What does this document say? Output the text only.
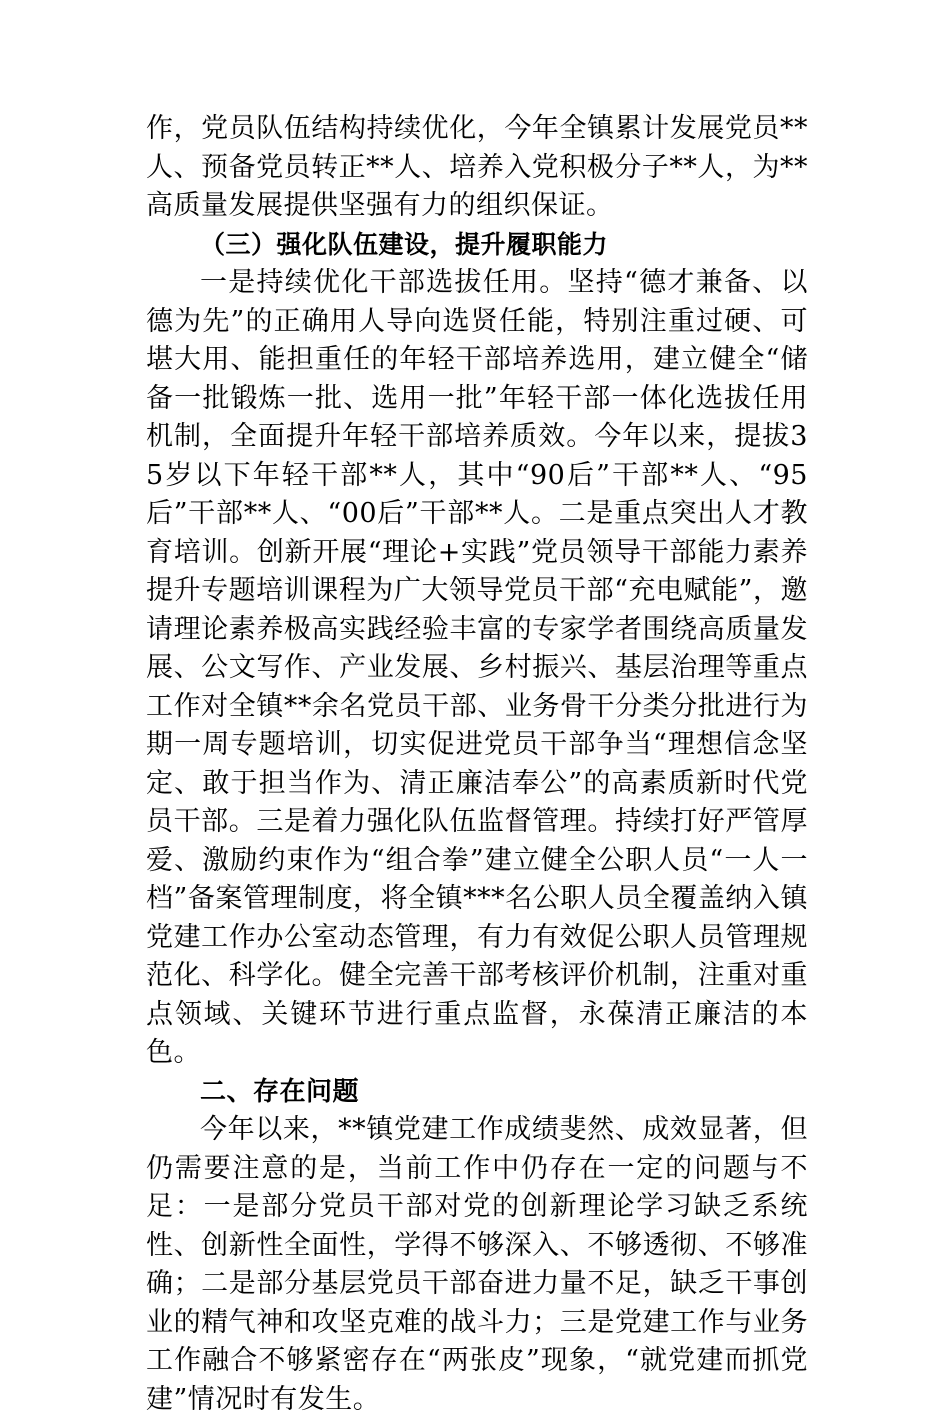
作，党员队伍结构持续优化，今年全镇累计发展党员**人、预备党员转正**人、培养入党积极分子**人，为**高质量发展提供坚强有力的组织保证。

（三）强化队伍建设，提升履职能力

一是持续优化干部选拔任用。坚持“德才兼备、以德为先”的正确用人导向选贤任能，特别注重过硬、可堪大用、能担重任的年轻干部培养选用，建立健全“储备一批锻炼一批、选用一批”年轻干部一体化选拔任用机制，全面提升年轻干部培养质效。今年以来，提拔35岁以下年轻干部**人，其中“90后”干部**人、“95后”干部**人、“00后”干部**人。二是重点突出人才教育培训。创新开展“理论+实践”党员领导干部能力素养提升专题培训课程为广大领导党员干部“充电赋能”，邀请理论素养极高实践经验丰富的专家学者围绕高质量发展、公文写作、产业发展、乡村振兴、基层治理等重点工作对全镇**余名党员干部、业务骨干分类分批进行为期一周专题培训，切实促进党员干部争当“理想信念坚定、敢于担当作为、清正廉洁奉公”的高素质新时代党员干部。三是着力强化队伍监督管理。持续打好严管厚爱、激励约束作为“组合拳”建立健全公职人员“一人一档”备案管理制度，将全镇***名公职人员全覆盖纳入镇党建工作办公室动态管理，有力有效促公职人员管理规范化、科学化。健全完善干部考核评价机制，注重对重点领域、关键环节进行重点监督，永葆清正廉洁的本色。

二、存在问题

今年以来，**镇党建工作成绩斐然、成效显著，但仍需要注意的是，当前工作中仍存在一定的问题与不足：一是部分党员干部对党的创新理论学习缺乏系统性、创新性全面性，学得不够深入、不够透彻、不够准确；二是部分基层党员干部奋进力量不足，缺乏干事创业的精气神和攻坚克难的战斗力；三是党建工作与业务工作融合不够紧密存在“两张皮”现象，“就党建而抓党建”情况时有发生。
